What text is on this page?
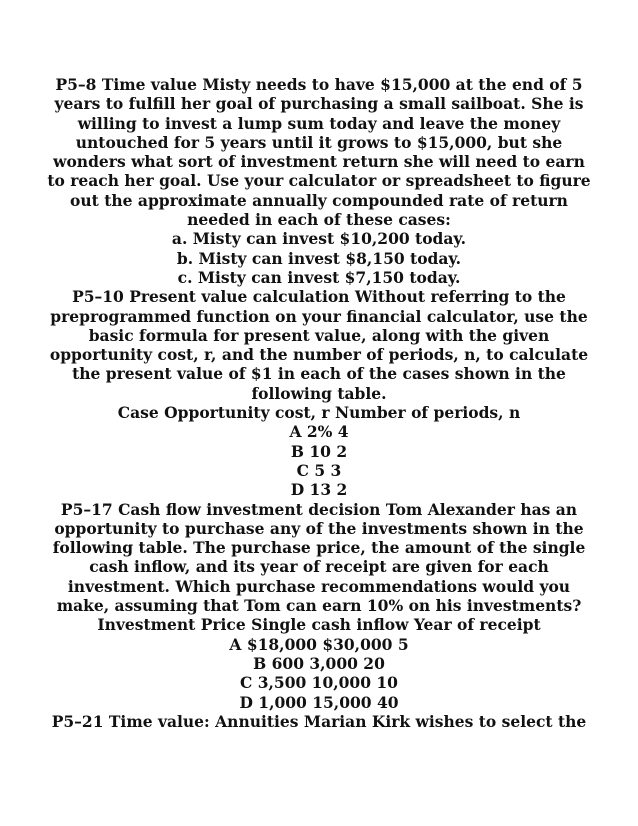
P5–8 Time value Misty needs to have $15,000 at the end of 5
years to fulfill her goal of purchasing a small sailboat. She is
willing to invest a lump sum today and leave the money
untouched for 5 years until it grows to $15,000, but she
wonders what sort of investment return she will need to earn
to reach her goal. Use your calculator or spreadsheet to figure
out the approximate annually compounded rate of return
needed in each of these cases:
a. Misty can invest $10,200 today.
b. Misty can invest $8,150 today.
c. Misty can invest $7,150 today.
P5–10 Present value calculation Without referring to the
preprogrammed function on your financial calculator, use the
basic formula for present value, along with the given
opportunity cost, r, and the number of periods, n, to calculate
the present value of $1 in each of the cases shown in the
following table.
Case Opportunity cost, r Number of periods, n
A 2% 4
B 10 2
C 5 3
D 13 2
P5–17 Cash flow investment decision Tom Alexander has an
opportunity to purchase any of the investments shown in the
following table. The purchase price, the amount of the single
cash inflow, and its year of receipt are given for each
investment. Which purchase recommendations would you
make, assuming that Tom can earn 10% on his investments?
Investment Price Single cash inflow Year of receipt
A $18,000 $30,000 5
B 600 3,000 20
C 3,500 10,000 10
D 1,000 15,000 40
P5–21 Time value: Annuities Marian Kirk wishes to select the
